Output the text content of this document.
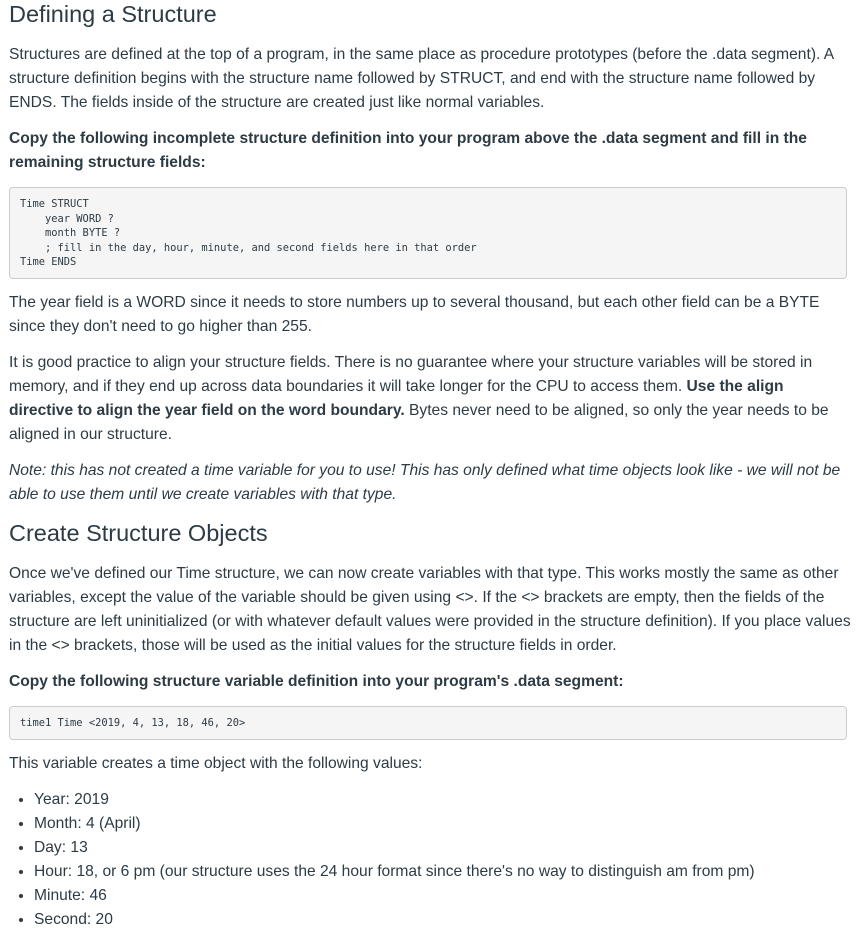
Defining a Structure

Structures are defined at the top of a program, in the same place as procedure prototypes (before the .data segment). A structure definition begins with the structure name followed by STRUCT, and end with the structure name followed by ENDS. The fields inside of the structure are created just like normal variables.

Copy the following incomplete structure definition into your program above the .data segment and fill in the remaining structure fields:

Time STRUCT
year WORD ?
month BYTE ?
; fill in the day, hour, minute, and second fields here in that order
Time ENDS

The year field is a WORD since it needs to store numbers up to several thousand, but each other field can be a BYTE since they don't need to go higher than 255.

It is good practice to align your structure fields. There is no guarantee where your structure variables will be stored in memory, and if they end up across data boundaries it will take longer for the CPU to access them. Use the align directive to align the year field on the word boundary. Bytes never need to be aligned, so only the year needs to be aligned in our structure.

Note: this has not created a time variable for you to use! This has only defined what time objects look like - we will not be able to use them until we create variables with that type.

Create Structure Objects

Once we've defined our Time structure, we can now create variables with that type. This works mostly the same as other variables, except the value of the variable should be given using <>. If the <> brackets are empty, then the fields of the structure are left uninitialized (or with whatever default values were provided in the structure definition). If you place values in the <> brackets, those will be used as the initial values for the structure fields in order.

Copy the following structure variable definition into your program's .data segment:

time1 Time <2019, 4, 13, 18, 46, 20>

This variable creates a time object with the following values:

• Year: 2019
• Month: 4 (April)
• Day: 13
• Hour: 18, or 6 pm (our structure uses the 24 hour format since there's no way to distinguish am from pm)
• Minute: 46
• Second: 20
